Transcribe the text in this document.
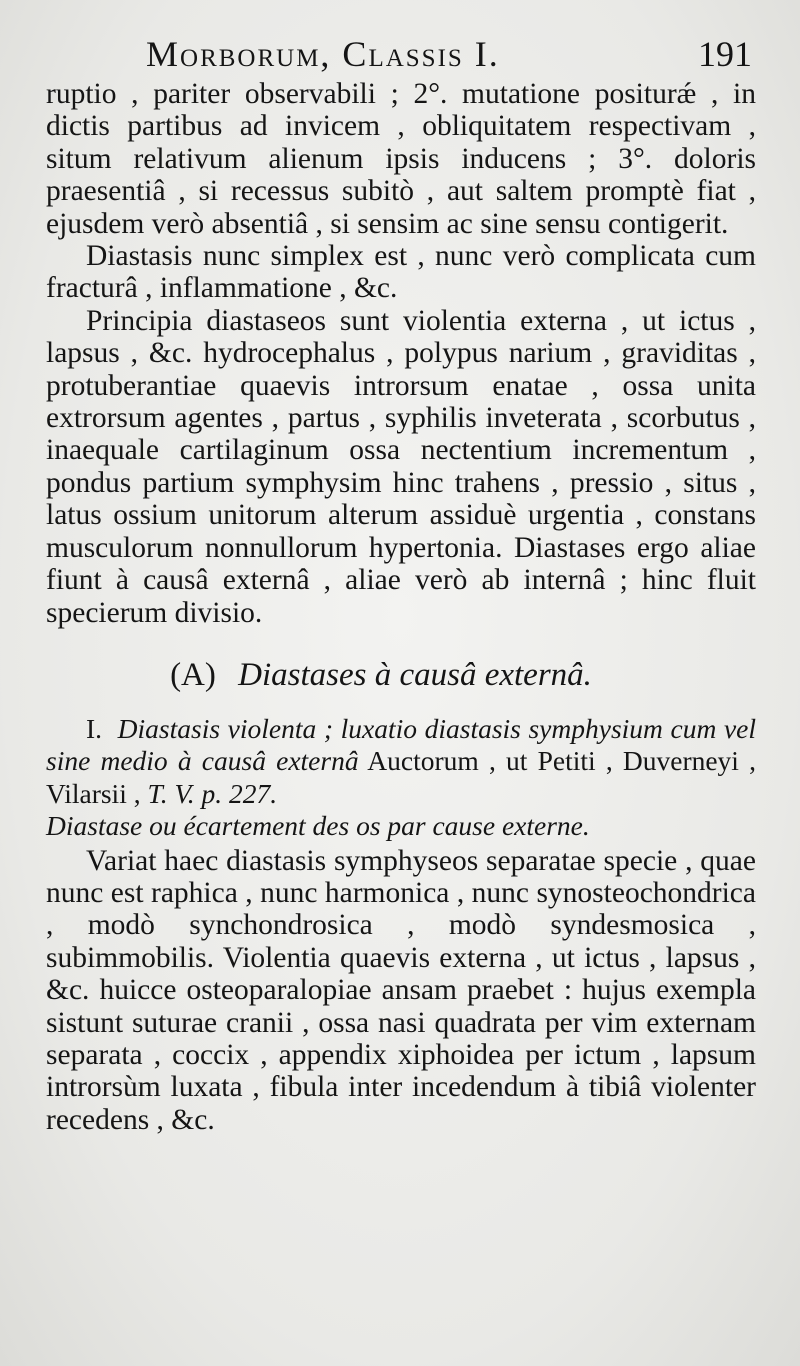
Morborum, Classis I.	191

ruptio , pariter observabili ; 2°. mutatione positurǽ , in dictis partibus ad invicem , obliquitatem respectivam , situm relativum alienum ipsis inducens ; 3°. doloris praesentiâ , si recessus subitò , aut saltem promptè fiat , ejusdem verò absentiâ , si sensim ac sine sensu contigerit.

Diastasis nunc simplex est , nunc verò complicata cum fracturâ , inflammatione , &c.

Principia diastaseos sunt violentia externa , ut ictus , lapsus , &c. hydrocephalus , polypus narium , graviditas , protuberantiae quaevis introrsum enatae , ossa unita extrorsum agentes , partus , syphilis inveterata , scorbutus , inaequale cartilaginum ossa nectentium incrementum , pondus partium symphysim hinc trahens , pressio , situs , latus ossium unitorum alterum assiduè urgentia , constans musculorum nonnullorum hypertonia. Diastases ergo aliae fiunt à causâ externâ , aliae verò ab internâ ; hinc fluit specierum divisio.

(A) Diastases à causâ externâ.

I. Diastasis violenta ; luxatio diastasis symphysium cum vel sine medio à causâ externâ Auctorum , ut Petiti , Duverneyi , Vilarsii , T. V. p. 227.

Diastase ou écartement des os par cause externe.

Variat haec diastasis symphyseos separatae specie , quae nunc est raphica , nunc harmonica , nunc synosteochondrica , modò synchondrosica , modò syndesmosica , subimmobilis. Violentia quaevis externa , ut ictus , lapsus , &c. huicce osteoparalopiae ansam praebet : hujus exempla sistunt suturae cranii , ossa nasi quadrata per vim externam separata , coccix , appendix xiphoidea per ictum , lapsum introrsùm luxata , fibula inter incedendum à tibiâ violenter recedens , &c.
